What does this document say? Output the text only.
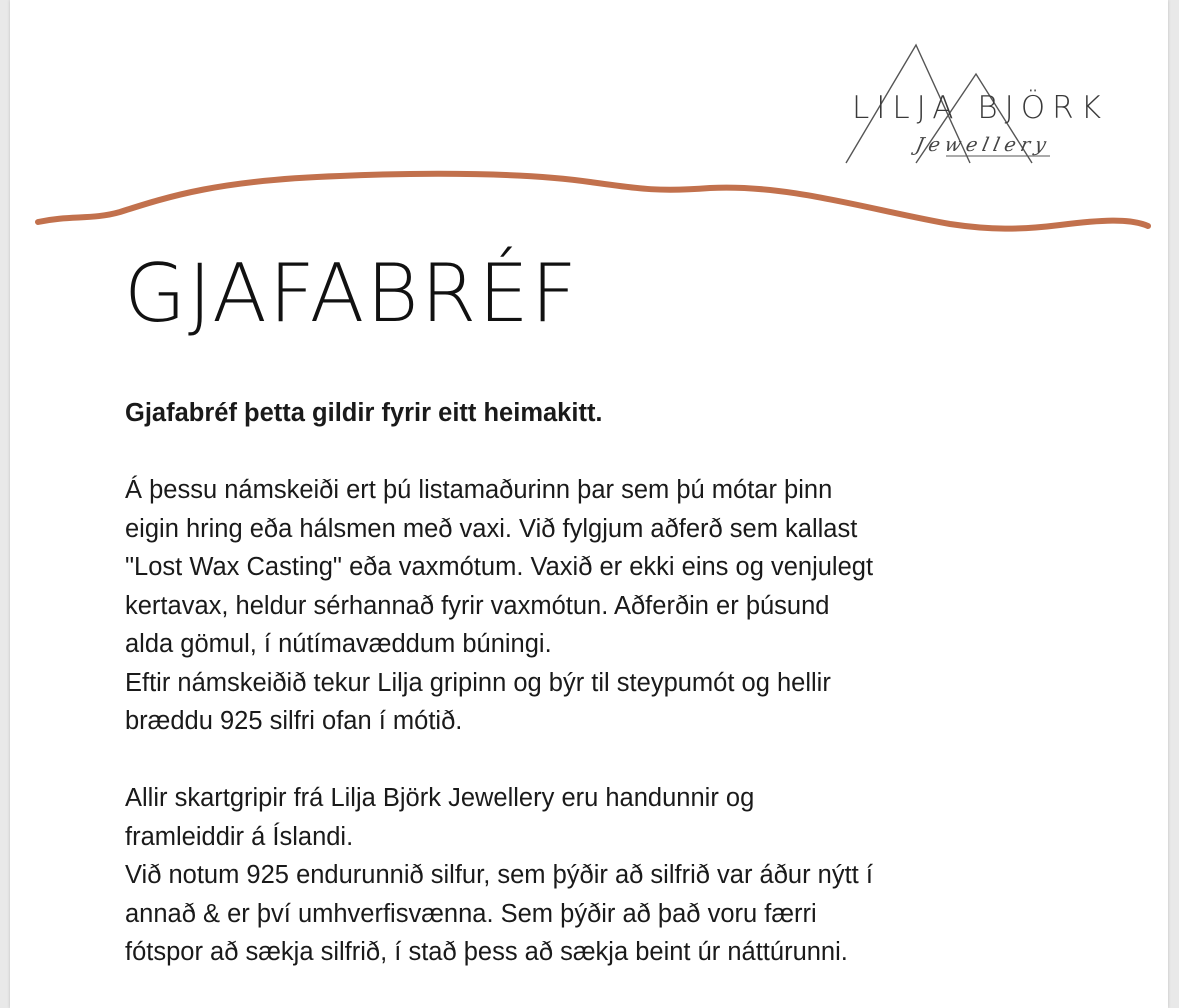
LILJA BJÖRK
Jewellery
GJAFABRÉF

Gjafabréf þetta gildir fyrir eitt heimakitt.

Á þessu námskeiði ert þú listamaðurinn þar sem þú mótar þinn
eigin hring eða hálsmen með vaxi. Við fylgjum aðferð sem kallast
"Lost Wax Casting" eða vaxmótum. Vaxið er ekki eins og venjulegt
kertavax, heldur sérhannað fyrir vaxmótun. Aðferðin er þúsund
alda gömul, í nútímavæddum búningi.
Eftir námskeiðið tekur Lilja gripinn og býr til steypumót og hellir
bræddu 925 silfri ofan í mótið.

Allir skartgripir frá Lilja Björk Jewellery eru handunnir og
framleiddir á Íslandi.
Við notum 925 endurunnið silfur, sem þýðir að silfrið var áður nýtt í
annað & er því umhverfisvænna. Sem þýðir að það voru færri
fótspor að sækja silfrið, í stað þess að sækja beint úr náttúrunni.
